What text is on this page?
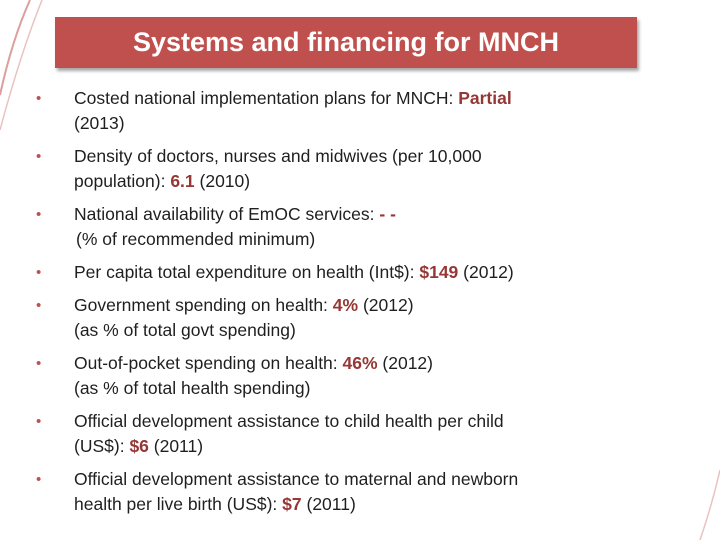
Systems and financing for MNCH
• Costed national implementation plans for MNCH: Partial
(2013)
• Density of doctors, nurses and midwives (per 10,000
population): 6.1 (2010)
• National availability of EmOC services: - -
(% of recommended minimum)
• Per capita total expenditure on health (Int$): $149 (2012)
• Government spending on health: 4% (2012)
(as % of total govt spending)
• Out-of-pocket spending on health: 46% (2012)
(as % of total health spending)
• Official development assistance to child health per child
(US$): $6 (2011)
• Official development assistance to maternal and newborn
health per live birth (US$): $7 (2011)
